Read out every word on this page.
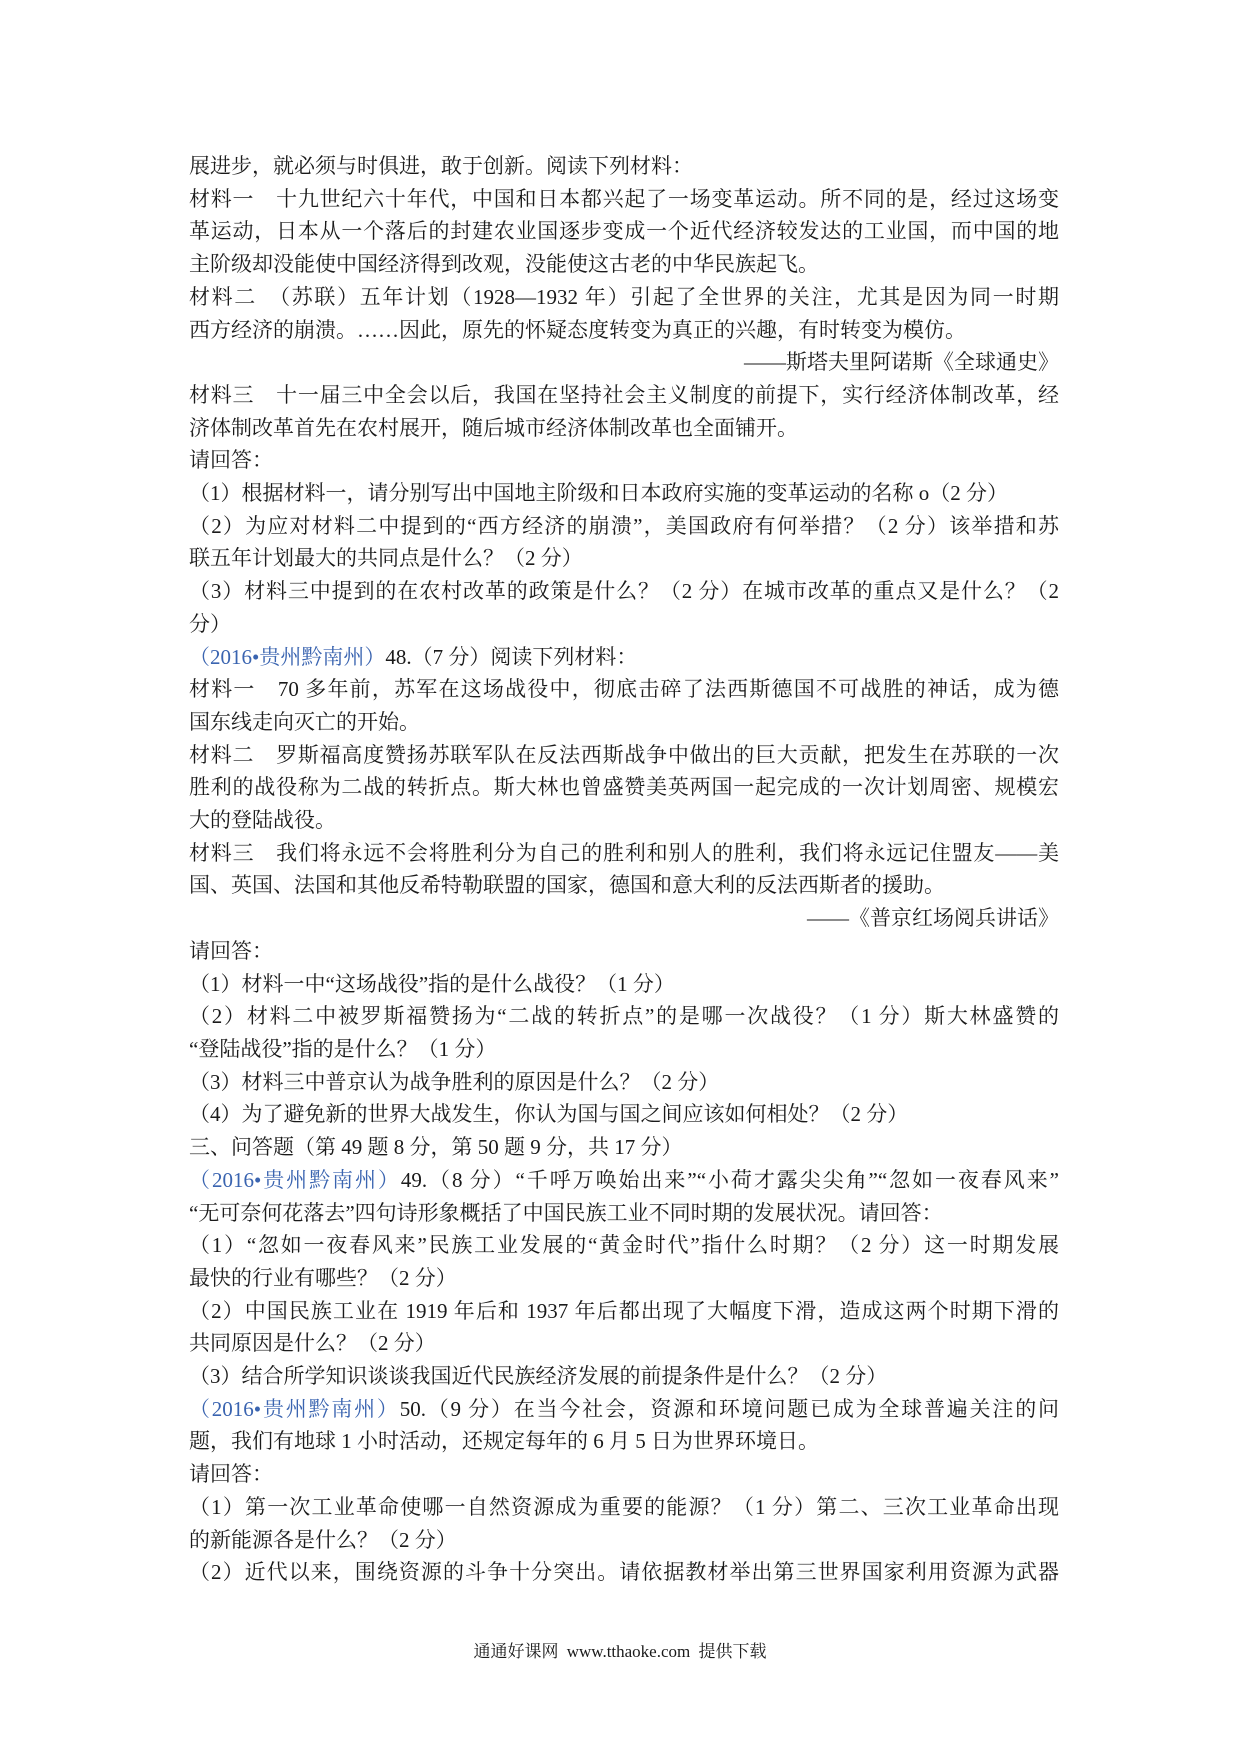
展进步，就必须与时俱进，敢于创新。阅读下列材料：
材料一　十九世纪六十年代，中国和日本都兴起了一场变革运动。所不同的是，经过这场变
革运动，日本从一个落后的封建农业国逐步变成一个近代经济较发达的工业国，而中国的地
主阶级却没能使中国经济得到改观，没能使这古老的中华民族起飞。
材料二　（苏联）五年计划（1928—1932 年）引起了全世界的关注，尤其是因为同一时期
西方经济的崩溃。……因此，原先的怀疑态度转变为真正的兴趣，有时转变为模仿。
——斯塔夫里阿诺斯《全球通史》
材料三　十一届三中全会以后，我国在坚持社会主义制度的前提下，实行经济体制改革，经
济体制改革首先在农村展开，随后城市经济体制改革也全面铺开。
请回答：
（1）根据材料一，请分别写出中国地主阶级和日本政府实施的变革运动的名称 o（2 分）
（2）为应对材料二中提到的“西方经济的崩溃”，美国政府有何举措？（2 分）该举措和苏
联五年计划最大的共同点是什么？（2 分）
（3）材料三中提到的在农村改革的政策是什么？（2 分）在城市改革的重点又是什么？（2
分）
（2016•贵州黔南州）48.（7 分）阅读下列材料：
材料一　70 多年前，苏军在这场战役中，彻底击碎了法西斯德国不可战胜的神话，成为德
国东线走向灭亡的开始。
材料二　罗斯福高度赞扬苏联军队在反法西斯战争中做出的巨大贡献，把发生在苏联的一次
胜利的战役称为二战的转折点。斯大林也曾盛赞美英两国一起完成的一次计划周密、规模宏
大的登陆战役。
材料三　我们将永远不会将胜利分为自己的胜利和别人的胜利，我们将永远记住盟友——美
国、英国、法国和其他反希特勒联盟的国家，德国和意大利的反法西斯者的援助。
——《普京红场阅兵讲话》
请回答：
（1）材料一中“这场战役”指的是什么战役？（1 分）
（2）材料二中被罗斯福赞扬为“二战的转折点”的是哪一次战役？（1 分）斯大林盛赞的
“登陆战役”指的是什么？（1 分）
（3）材料三中普京认为战争胜利的原因是什么？（2 分）
（4）为了避免新的世界大战发生，你认为国与国之间应该如何相处？（2 分）
三、问答题（第 49 题 8 分，第 50 题 9 分，共 17 分）
（2016•贵州黔南州）49.（8 分）“千呼万唤始出来”“小荷才露尖尖角”“忽如一夜春风来”
“无可奈何花落去”四句诗形象概括了中国民族工业不同时期的发展状况。请回答：
（1）“忽如一夜春风来”民族工业发展的“黄金时代”指什么时期？（2 分）这一时期发展
最快的行业有哪些？（2 分）
（2）中国民族工业在 1919 年后和 1937 年后都出现了大幅度下滑，造成这两个时期下滑的
共同原因是什么？（2 分）
（3）结合所学知识谈谈我国近代民族经济发展的前提条件是什么？（2 分）
（2016•贵州黔南州）50.（9 分）在当今社会，资源和环境问题已成为全球普遍关注的问
题，我们有地球 1 小时活动，还规定每年的 6 月 5 日为世界环境日。
请回答：
（1）第一次工业革命使哪一自然资源成为重要的能源？（1 分）第二、三次工业革命出现
的新能源各是什么？（2 分）
（2）近代以来，围绕资源的斗争十分突出。请依据教材举出第三世界国家利用资源为武器
通通好课网 www.tthaoke.com 提供下载
